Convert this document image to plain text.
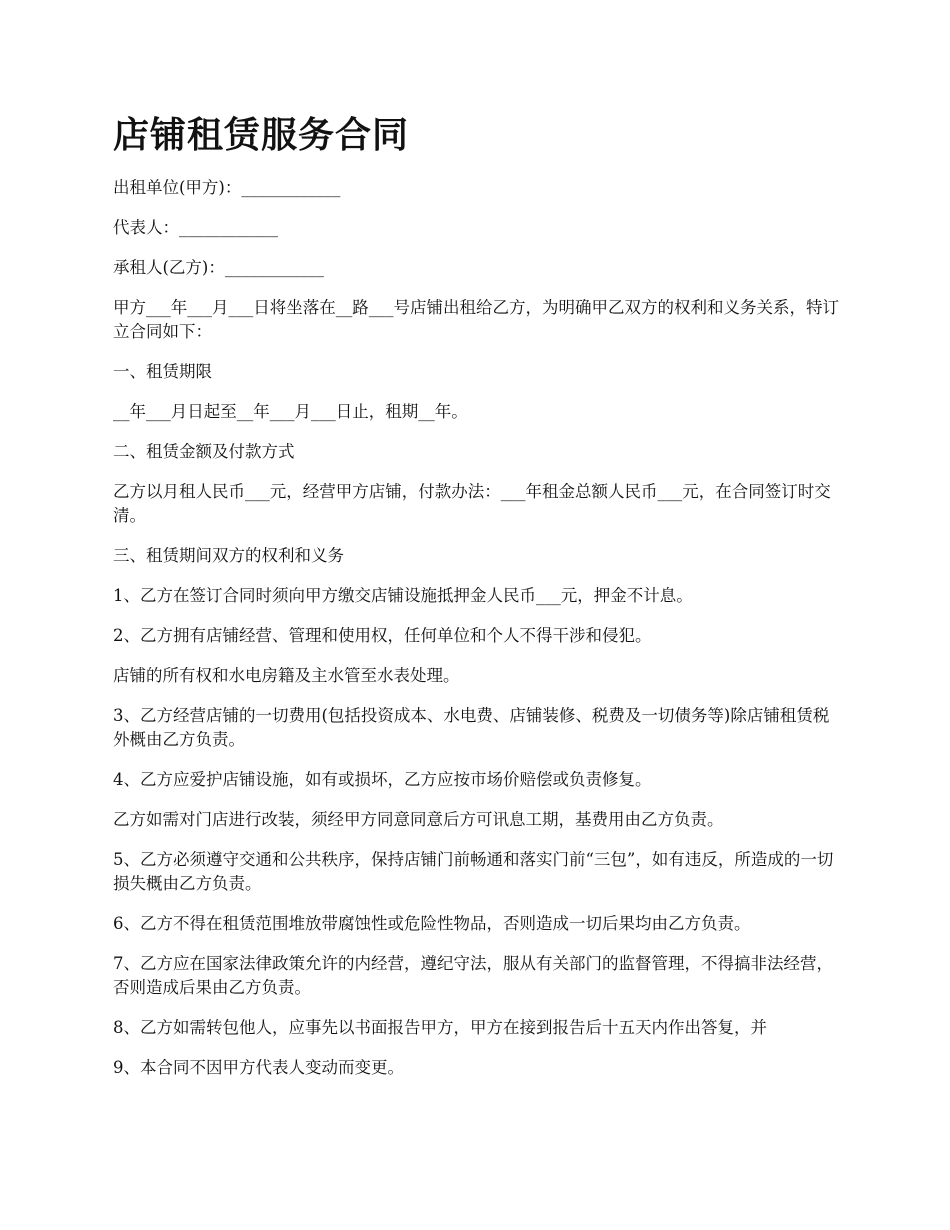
店铺租赁服务合同

出租单位(甲方)：____________

代表人：____________

承租人(乙方)：____________

甲方___年___月___日将坐落在__路___号店铺出租给乙方，为明确甲乙双方的权利和义务关系，特订立合同如下：

一、租赁期限

__年___月日起至__年___月___日止，租期__年。

二、租赁金额及付款方式

乙方以月租人民币___元，经营甲方店铺，付款办法：___年租金总额人民币___元，在合同签订时交清。

三、租赁期间双方的权利和义务

1、乙方在签订合同时须向甲方缴交店铺设施抵押金人民币___元，押金不计息。

2、乙方拥有店铺经营、管理和使用权，任何单位和个人不得干涉和侵犯。

店铺的所有权和水电房籍及主水管至水表处理。

3、乙方经营店铺的一切费用(包括投资成本、水电费、店铺装修、税费及一切债务等)除店铺租赁税外概由乙方负责。

4、乙方应爱护店铺设施，如有或损坏，乙方应按市场价赔偿或负责修复。

乙方如需对门店进行改装，须经甲方同意同意后方可讯息工期，基费用由乙方负责。

5、乙方必须遵守交通和公共秩序，保持店铺门前畅通和落实门前“三包”，如有违反，所造成的一切损失概由乙方负责。

6、乙方不得在租赁范围堆放带腐蚀性或危险性物品，否则造成一切后果均由乙方负责。

7、乙方应在国家法律政策允许的内经营，遵纪守法，服从有关部门的监督管理，不得搞非法经营，否则造成后果由乙方负责。

8、乙方如需转包他人，应事先以书面报告甲方，甲方在接到报告后十五天内作出答复，并

9、本合同不因甲方代表人变动而变更。
